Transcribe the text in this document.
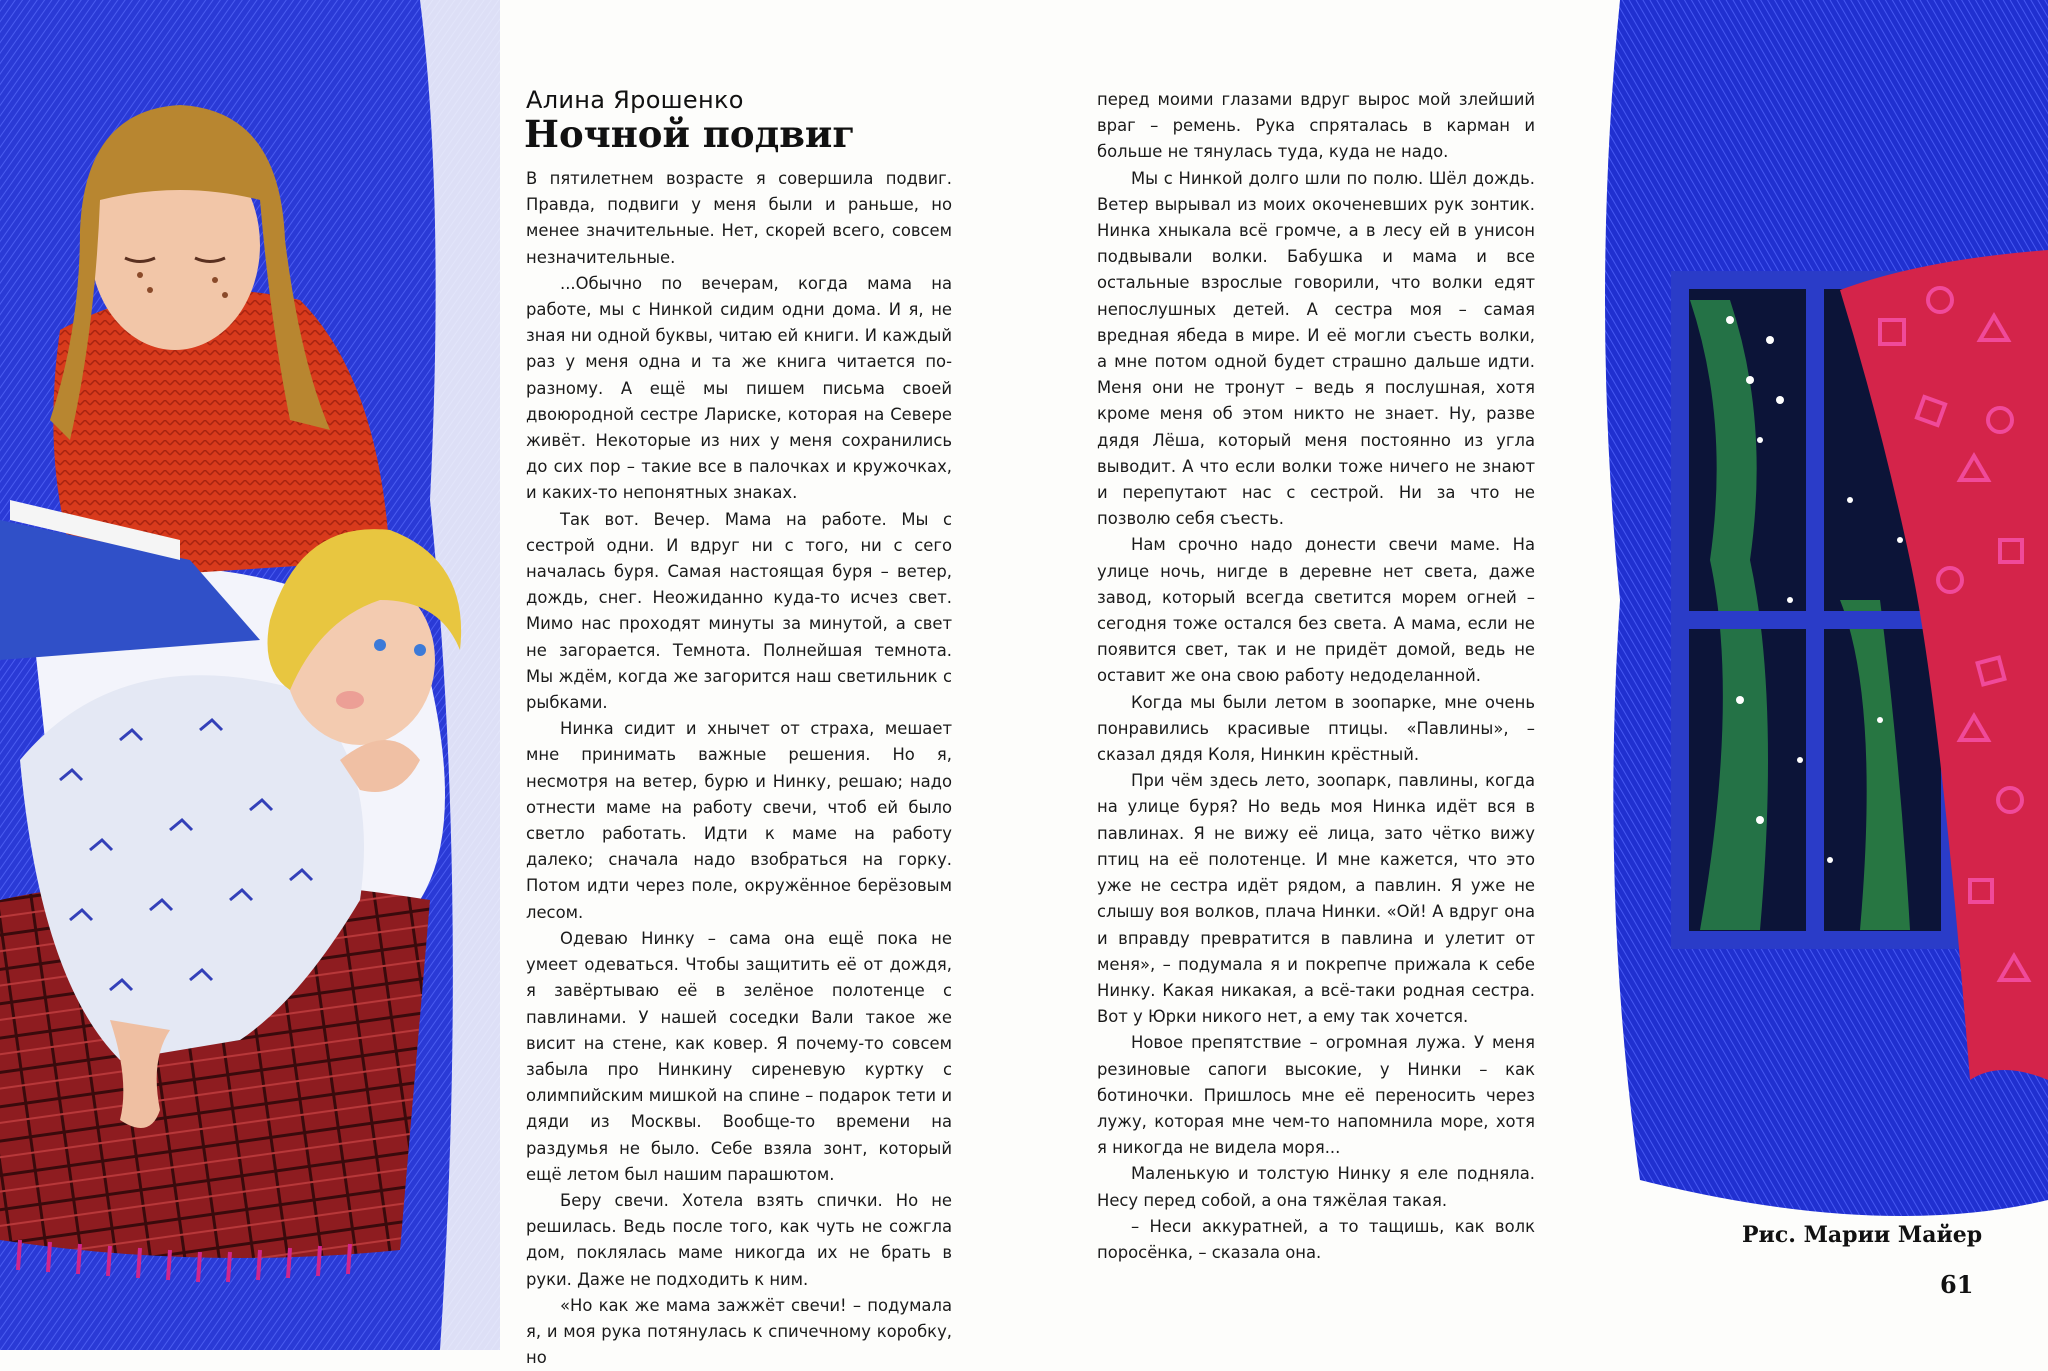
Алина Ярошенко
Ночной подвиг

В пятилетнем возрасте я совершила подвиг. Правда, подвиги у меня были и раньше, но менее значительные. Нет, скорей всего, совсем незначительные.

...Обычно по вечерам, когда мама на работе, мы с Нинкой сидим одни дома. И я, не зная ни одной буквы, читаю ей книги. И каждый раз у меня одна и та же книга читается по-разному. А ещё мы пишем письма своей двоюродной сестре Лариске, которая на Севере живёт. Некоторые из них у меня сохранились до сих пор – такие все в палочках и кружочках, и каких-то непонятных знаках.

Так вот. Вечер. Мама на работе. Мы с сестрой одни. И вдруг ни с того, ни с сего началась буря. Самая настоящая буря – ветер, дождь, снег. Неожиданно куда-то исчез свет. Мимо нас проходят минуты за минутой, а свет не загорается. Темнота. Полнейшая темнота. Мы ждём, когда же загорится наш светильник с рыбками.

Нинка сидит и хнычет от страха, мешает мне принимать важные решения. Но я, несмотря на ветер, бурю и Нинку, решаю; надо отнести маме на работу свечи, чтоб ей было светло работать. Идти к маме на работу далеко; сначала надо взобраться на горку. Потом идти через поле, окружённое берёзовым лесом.

Одеваю Нинку – сама она ещё пока не умеет одеваться. Чтобы защитить её от дождя, я завёртываю её в зелёное полотенце с павлинами. У нашей соседки Вали такое же висит на стене, как ковер. Я почему-то совсем забыла про Нинкину сиреневую куртку с олимпийским мишкой на спине – подарок тети и дяди из Москвы. Вообще-то времени на раздумья не было. Себе взяла зонт, который ещё летом был нашим парашютом.

Беру свечи. Хотела взять спички. Но не решилась. Ведь после того, как чуть не сожгла дом, поклялась маме никогда их не брать в руки. Даже не подходить к ним.

«Но как же мама зажжёт свечи! – подумала я, и моя рука потянулась к спичечному коробку, но

перед моими глазами вдруг вырос мой злейший враг – ремень. Рука спряталась в карман и больше не тянулась туда, куда не надо.

Мы с Нинкой долго шли по полю. Шёл дождь. Ветер вырывал из моих окоченевших рук зонтик. Нинка хныкала всё громче, а в лесу ей в унисон подвывали волки. Бабушка и мама и все остальные взрослые говорили, что волки едят непослушных детей. А сестра моя – самая вредная ябеда в мире. И её могли съесть волки, а мне потом одной будет страшно дальше идти. Меня они не тронут – ведь я послушная, хотя кроме меня об этом никто не знает. Ну, разве дядя Лёша, который меня постоянно из угла выводит. А что если волки тоже ничего не знают и перепутают нас с сестрой. Ни за что не позволю себя съесть.

Нам срочно надо донести свечи маме. На улице ночь, нигде в деревне нет света, даже завод, который всегда светится морем огней – сегодня тоже остался без света. А мама, если не появится свет, так и не придёт домой, ведь не оставит же она свою работу недоделанной.

Когда мы были летом в зоопарке, мне очень понравились красивые птицы. «Павлины», – сказал дядя Коля, Нинкин крёстный.

При чём здесь лето, зоопарк, павлины, когда на улице буря? Но ведь моя Нинка идёт вся в павлинах. Я не вижу её лица, зато чётко вижу птиц на её полотенце. И мне кажется, что это уже не сестра идёт рядом, а павлин. Я уже не слышу воя волков, плача Нинки. «Ой! А вдруг она и вправду превратится в павлина и улетит от меня», – подумала я и покрепче прижала к себе Нинку. Какая никакая, а всё-таки родная сестра. Вот у Юрки никого нет, а ему так хочется.

Новое препятствие – огромная лужа. У меня резиновые сапоги высокие, у Нинки – как ботиночки. Пришлось мне её переносить через лужу, которая мне чем-то напомнила море, хотя я никогда не видела моря...

Маленькую и толстую Нинку я еле подняла. Несу перед собой, а она тяжёлая такая.

– Неси аккуратней, а то тащишь, как волк поросёнка, – сказала она.

Рис. Марии Майер
61
